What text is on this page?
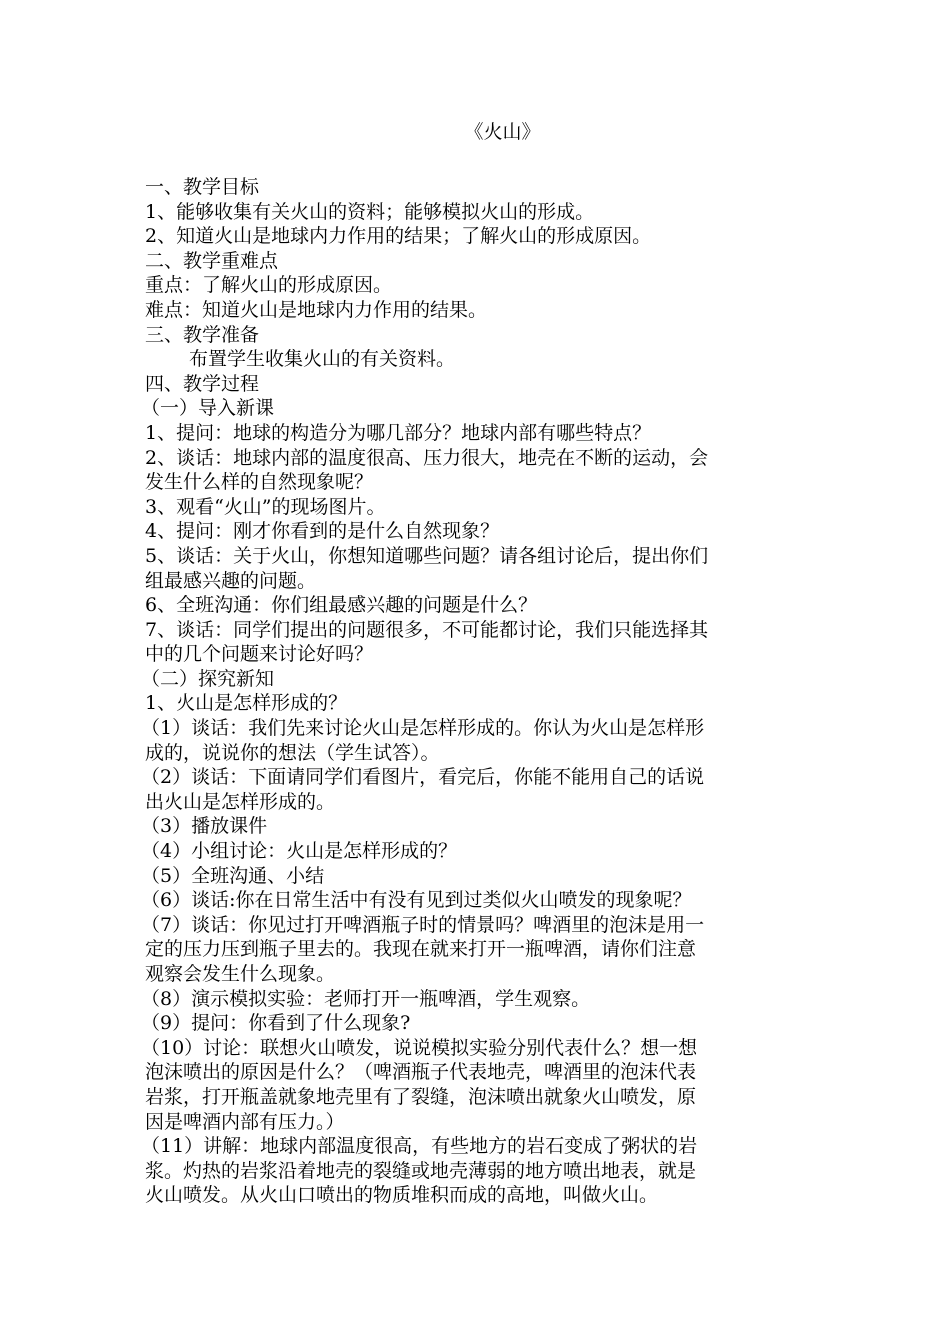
《火山》
一、教学目标
1、能够收集有关火山的资料；能够模拟火山的形成。
2、知道火山是地球内力作用的结果；了解火山的形成原因。
二、教学重难点
重点：了解火山的形成原因。
难点：知道火山是地球内力作用的结果。
三、教学准备
布置学生收集火山的有关资料。
四、教学过程
（一）导入新课
1、提问：地球的构造分为哪几部分？地球内部有哪些特点？
2、谈话：地球内部的温度很高、压力很大，地壳在不断的运动，会
发生什么样的自然现象呢？
3、观看“火山”的现场图片。
4、提问：刚才你看到的是什么自然现象？
5、谈话：关于火山，你想知道哪些问题？请各组讨论后，提出你们
组最感兴趣的问题。
6、全班沟通：你们组最感兴趣的问题是什么？
7、谈话：同学们提出的问题很多，不可能都讨论，我们只能选择其
中的几个问题来讨论好吗？
（二）探究新知
1、火山是怎样形成的？
（1）谈话：我们先来讨论火山是怎样形成的。你认为火山是怎样形
成的，说说你的想法（学生试答）。
（2）谈话：下面请同学们看图片，看完后，你能不能用自己的话说
出火山是怎样形成的。
（3）播放课件
（4）小组讨论：火山是怎样形成的？
（5）全班沟通、小结
（6）谈话:你在日常生活中有没有见到过类似火山喷发的现象呢？
（7）谈话：你见过打开啤酒瓶子时的情景吗？啤酒里的泡沫是用一
定的压力压到瓶子里去的。我现在就来打开一瓶啤酒，请你们注意
观察会发生什么现象。
（8）演示模拟实验：老师打开一瓶啤酒，学生观察。
（9）提问：你看到了什么现象?
（10）讨论：联想火山喷发，说说模拟实验分别代表什么？想一想
泡沫喷出的原因是什么？（啤酒瓶子代表地壳，啤酒里的泡沫代表
岩浆，打开瓶盖就象地壳里有了裂缝，泡沫喷出就象火山喷发，原
因是啤酒内部有压力。）
（11）讲解：地球内部温度很高，有些地方的岩石变成了粥状的岩
浆。灼热的岩浆沿着地壳的裂缝或地壳薄弱的地方喷出地表，就是
火山喷发。从火山口喷出的物质堆积而成的高地，叫做火山。
